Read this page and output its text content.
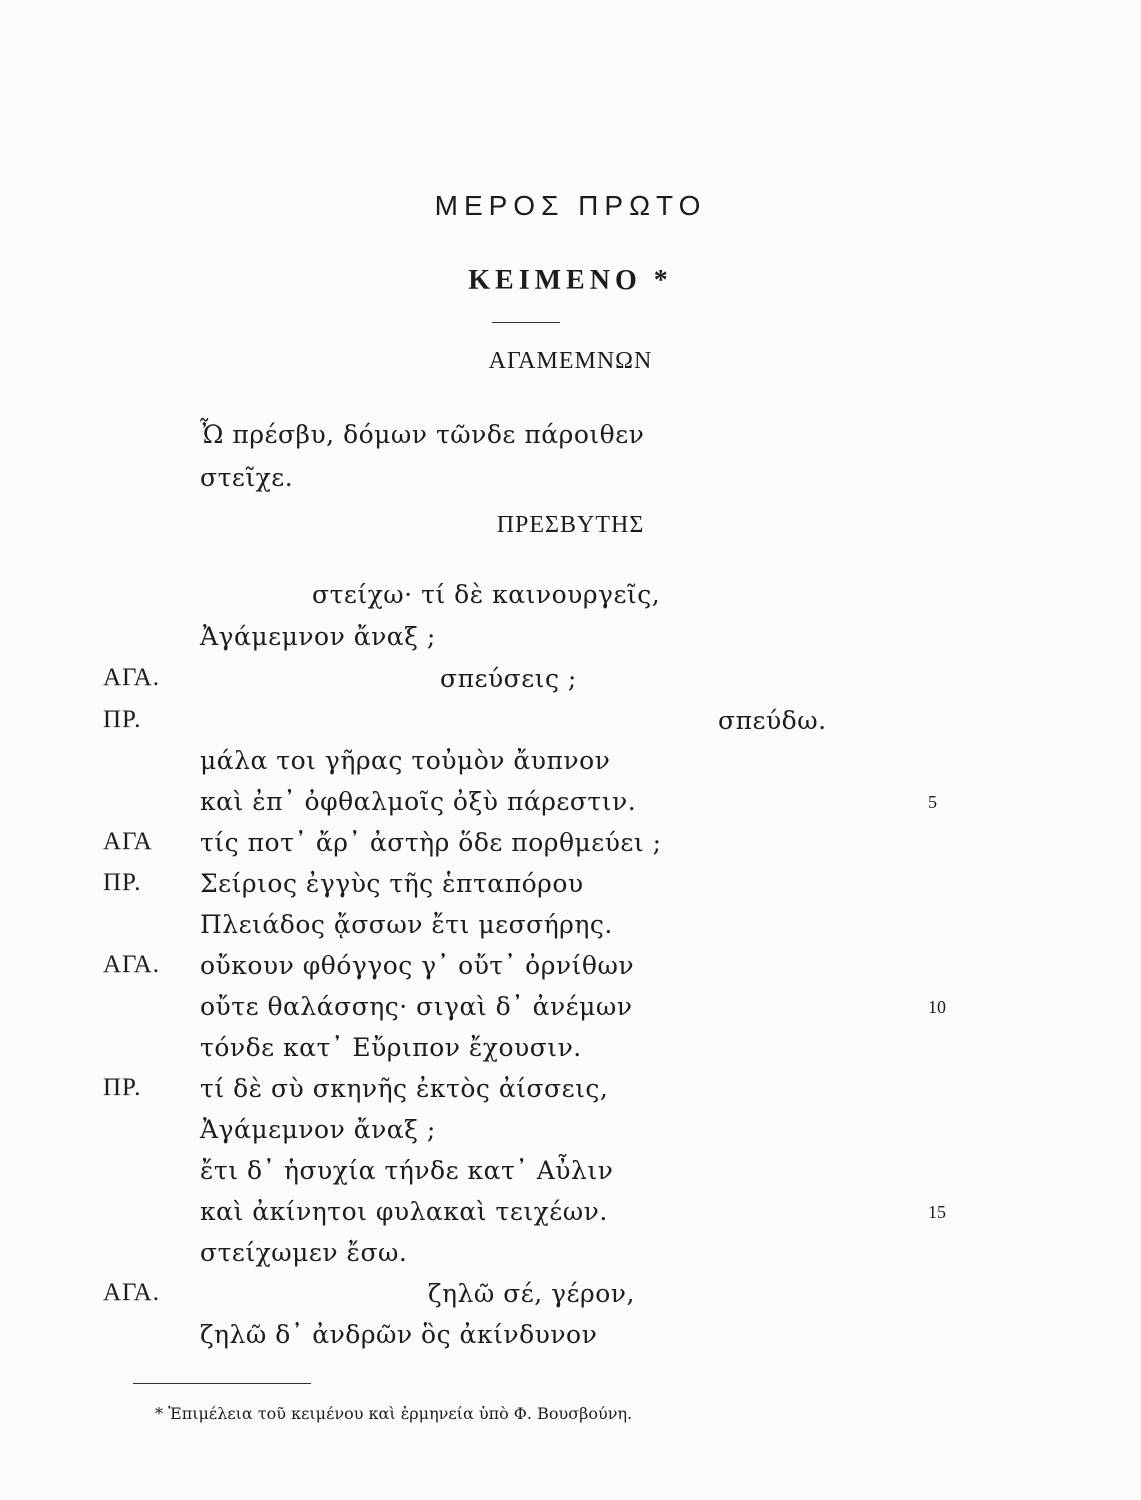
ΜΕΡΟΣ ΠΡΩΤΟ
ΚΕΙΜΕΝΟ *
ΑΓΑΜΕΜΝΩΝ
Ὦ πρέσβυ, δόμων τῶνδε πάροιθεν
στεῖχε.
ΠΡΕΣΒΥΤΗΣ
στείχω· τί δὲ καινουργεῖς,
Ἀγάμεμνον ἄναξ ;
ΑΓΑ.	σπεύσεις ;
ΠΡ.	σπεύδω.
μάλα τοι γῆρας τοὐμὸν ἄυπνον
καὶ ἐπ᾽ ὀφθαλμοῖς ὀξὺ πάρεστιν.	5
ΑΓΑ τίς ποτ᾽ ἄρ᾽ ἀστὴρ ὅδε πορθμεύει ;
ΠΡ. Σείριος ἐγγὺς τῆς ἑπταπόρου
Πλειάδος ᾄσσων ἔτι μεσσήρης.
ΑΓΑ. οὔκουν φθόγγος γ᾽ οὔτ᾽ ὀρνίθων
οὔτε θαλάσσης· σιγαὶ δ᾽ ἀνέμων	10
τόνδε κατ᾽ Εὔριπον ἔχουσιν.
ΠΡ. τί δὲ σὺ σκηνῆς ἐκτὸς ἀίσσεις,
Ἀγάμεμνον ἄναξ ;
ἔτι δ᾽ ἡσυχία τήνδε κατ᾽ Αὖλιν
καὶ ἀκίνητοι φυλακαὶ τειχέων.	15
στείχωμεν ἔσω.
ΑΓΑ.	ζηλῶ σέ, γέρον,
ζηλῶ δ᾽ ἀνδρῶν ὃς ἀκίνδυνον
* Ἐπιμέλεια τοῦ κειμένου καὶ ἑρμηνεία ὑπὸ Φ. Βουσβούνη.
